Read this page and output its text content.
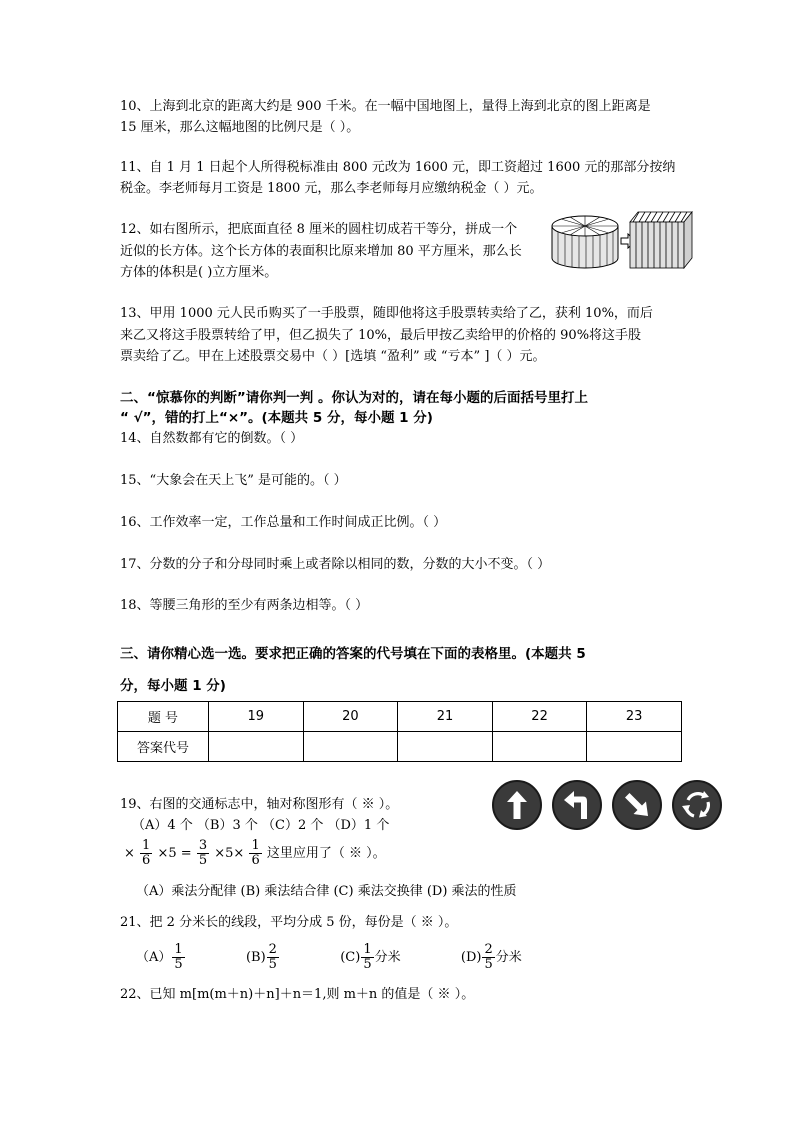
10、上海到北京的距离大约是 900 千米。在一幅中国地图上，量得上海到北京的图上距离是
15 厘米，那么这幅地图的比例尺是（ ）。
11、自 1 月 1 日起个人所得税标准由 800 元改为 1600 元，即工资超过 1600 元的那部分按纳
税金。李老师每月工资是 1800 元，那么李老师每月应缴纳税金（ ）元。
12、如右图所示，把底面直径 8 厘米的圆柱切成若干等分，拼成一个
近似的长方体。这个长方体的表面积比原来增加 80 平方厘米，那么长
方体的体积是( )立方厘米。
13、甲用 1000 元人民币购买了一手股票，随即他将这手股票转卖给了乙，获利 10%，而后
来乙又将这手股票转给了甲，但乙损失了 10%，最后甲按乙卖给甲的价格的 90%将这手股
票卖给了乙。甲在上述股票交易中（ ）[选填 “盈利” 或 “亏本” ]（ ）元。
二、“惊慕你的判断”请你判一判 。你认为对的，请在每小题的后面括号里打上
“ √”，错的打上“×”。(本题共 5 分，每小题 1 分)
14、自然数都有它的倒数。（ ）
15、“大象会在天上飞” 是可能的。（ ）
16、工作效率一定，工作总量和工作时间成正比例。（ ）
17、分数的分子和分母同时乘上或者除以相同的数，分数的大小不变。（ ）
18、等腰三角形的至少有两条边相等。（ ）
三、请你精心选一选。要求把正确的答案的代号填在下面的表格里。(本题共 5
分，每小题 1 分)
题 号	19	20	21	22	23
答案代号					
19、右图的交通标志中，轴对称图形有（ ※ ）。
（A）4 个 （B）3 个 （C）2 个 （D）1 个
× $\frac{1}{6} \times 5 = \frac{3}{5} \times 5\times \frac{1}{6}$ 这里应用了（ ※ ）。
（A）乘法分配律 (B) 乘法结合律 (C) 乘法交换律 (D) 乘法的性质
21、把 2 分米长的线段，平均分成 5 份，每份是（ ※ ）。
$(A) \frac{1}{5}$	$(B) \frac{2}{5}$	$(C) \frac{1}{5}$ 分米	$(D) \frac{2}{5}$ 分米
22、已知 m[m(m＋n)＋n]＋n＝1,则 m＋n 的值是（ ※ ）。
